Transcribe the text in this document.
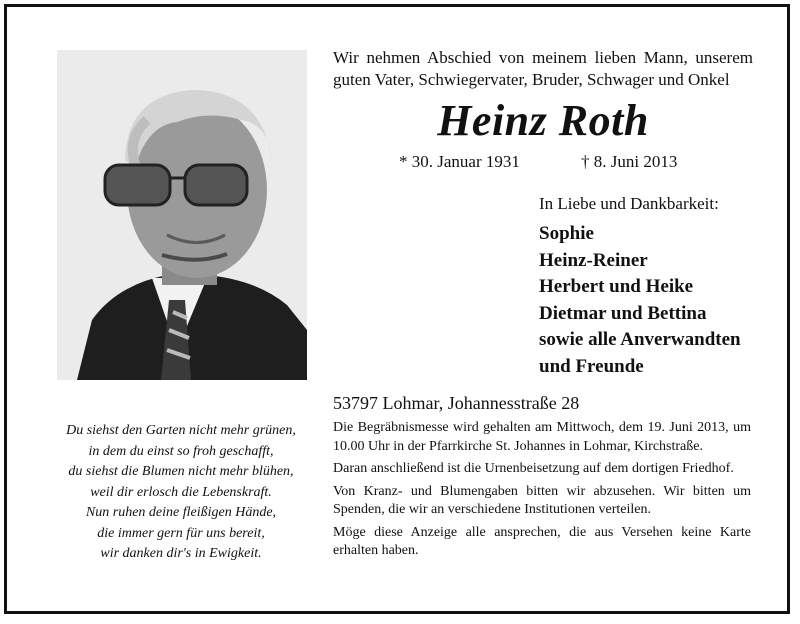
Wir nehmen Abschied von meinem lieben Mann, unserem guten Vater, Schwiegervater, Bruder, Schwager und Onkel
Heinz Roth
* 30. Januar 1931	† 8. Juni 2013
In Liebe und Dankbarkeit:
Sophie
Heinz-Reiner
Herbert und Heike
Dietmar und Bettina
sowie alle Anverwandten
und Freunde
53797 Lohmar, Johannesstraße 28

Die Begräbnismesse wird gehalten am Mittwoch, dem 19. Juni 2013, um 10.00 Uhr in der Pfarrkirche St. Johannes in Lohmar, Kirchstraße.

Daran anschließend ist die Urnenbeisetzung auf dem dortigen Friedhof.

Von Kranz- und Blumengaben bitten wir abzusehen. Wir bitten um Spenden, die wir an verschiedene Institutionen verteilen.

Möge diese Anzeige alle ansprechen, die aus Versehen keine Karte erhalten haben.

Du siehst den Garten nicht mehr grünen,
in dem du einst so froh geschafft,
du siehst die Blumen nicht mehr blühen,
weil dir erlosch die Lebenskraft.
Nun ruhen deine fleißigen Hände,
die immer gern für uns bereit,
wir danken dir's in Ewigkeit.
